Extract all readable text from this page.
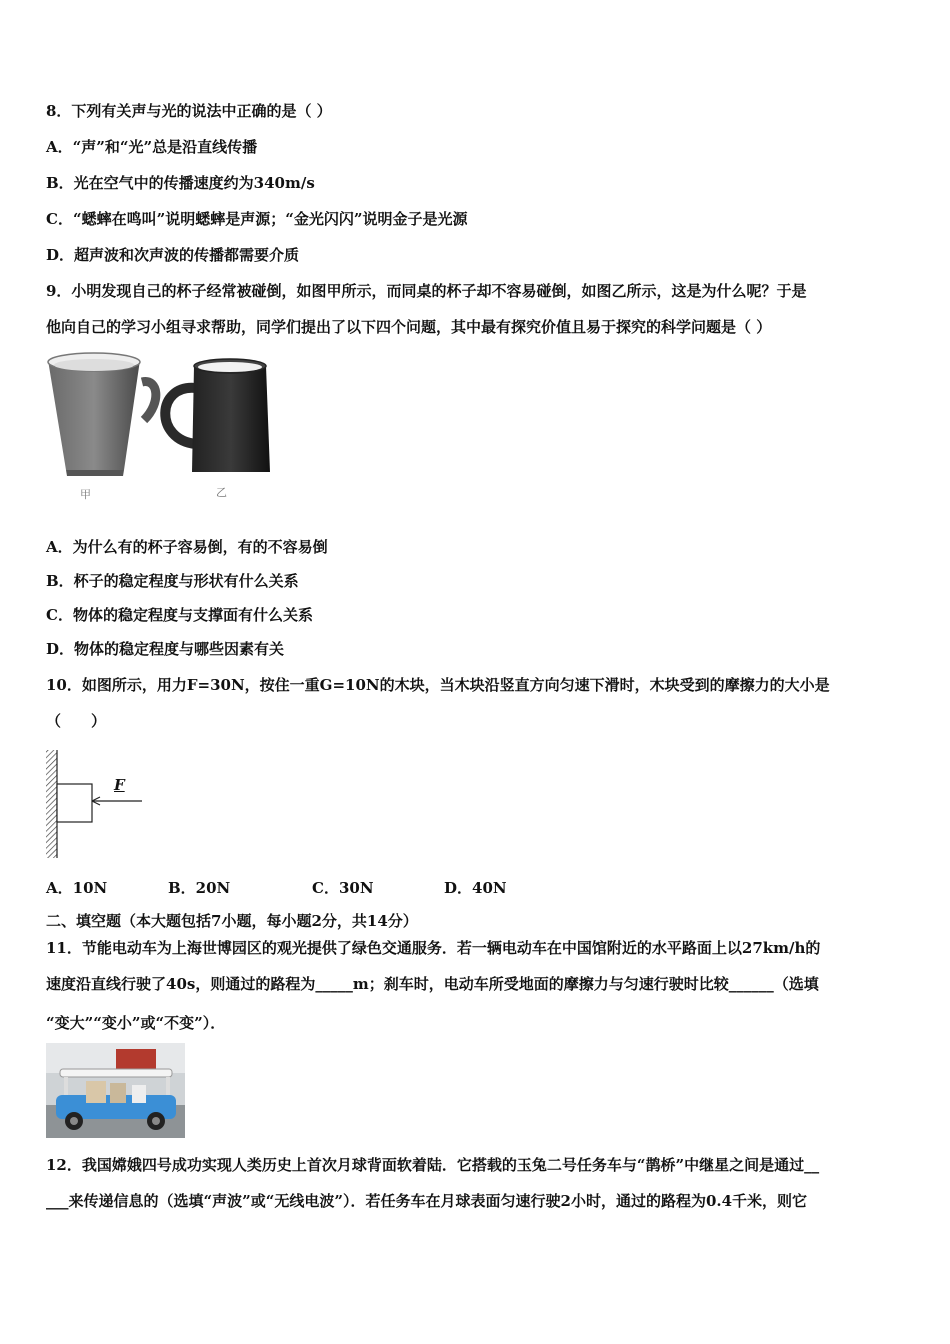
8．下列有关声与光的说法中正确的是（ ）
A．“声”和“光”总是沿直线传播
B．光在空气中的传播速度约为340m/s
C．“蟋蟀在鸣叫”说明蟋蟀是声源；“金光闪闪”说明金子是光源
D．超声波和次声波的传播都需要介质
9．小明发现自己的杯子经常被碰倒，如图甲所示，而同桌的杯子却不容易碰倒，如图乙所示，这是为什么呢？于是
他向自己的学习小组寻求帮助，同学们提出了以下四个问题，其中最有探究价值且易于探究的科学问题是（ ）
甲	乙
A．为什么有的杯子容易倒，有的不容易倒
B．杯子的稳定程度与形状有什么关系
C．物体的稳定程度与支撑面有什么关系
D．物体的稳定程度与哪些因素有关
10．如图所示，用力F=30N，按住一重G=10N的木块，当木块沿竖直方向匀速下滑时，木块受到的摩擦力的大小是
（　　）
F
A．10N	B．20N	C．30N	D．40N
二、填空题（本大题包括7小题，每小题2分，共14分）
11．节能电动车为上海世博园区的观光提供了绿色交通服务．若一辆电动车在中国馆附近的水平路面上以27km/h的
速度沿直线行驶了40s，则通过的路程为_____m；刹车时，电动车所受地面的摩擦力与匀速行驶时比较______（选填
“变大”“变小”或“不变”）．
12．我国嫦娥四号成功实现人类历史上首次月球背面软着陆．它搭载的玉兔二号任务车与“鹊桥”中继星之间是通过__
___来传递信息的（选填“声波”或“无线电波”）．若任务车在月球表面匀速行驶2小时，通过的路程为0.4千米，则它
